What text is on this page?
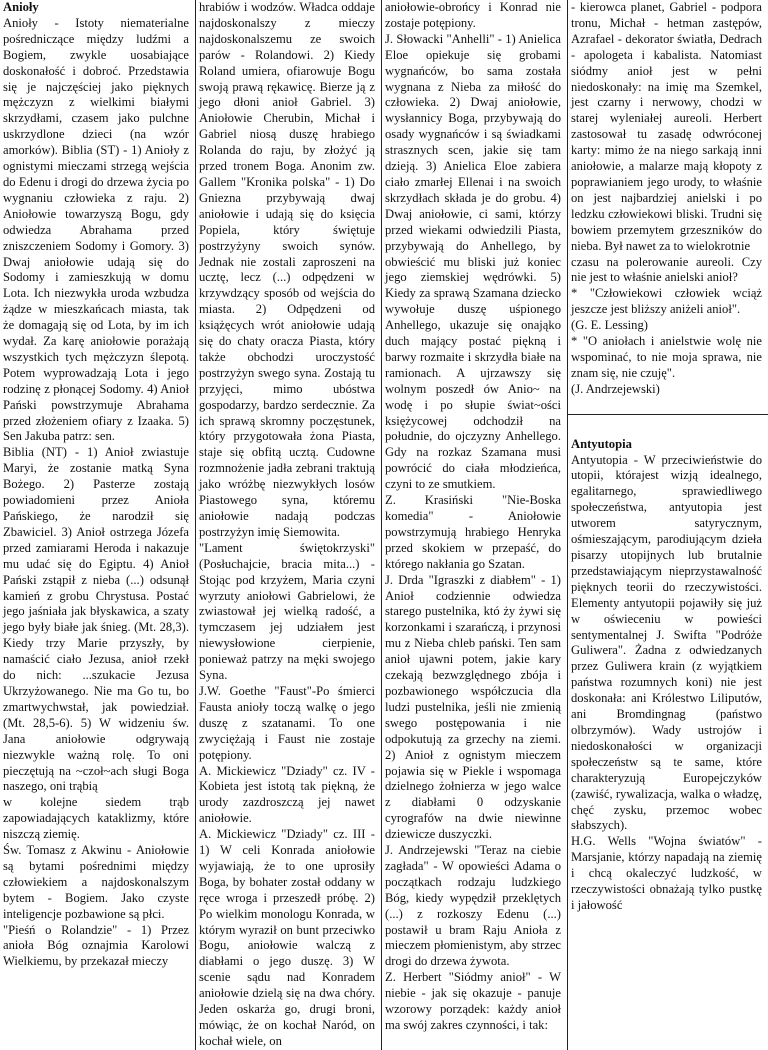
Anioły

Anioły - Istoty niematerialne pośredniczące między ludźmi a Bogiem, zwykle uosabiające doskonałość i dobroć. Przedstawia się je najczęściej jako pięknych mężczyzn z wielkimi białymi skrzydłami, czasem jako pulchne uskrzydlone dzieci (na wzór amorków). Biblia (ST) - 1) Anioły z ognistymi mieczami strzegą wejścia do Edenu i drogi do drzewa życia po wygnaniu człowieka z raju. 2) Aniołowie towarzyszą Bogu, gdy odwiedza Abrahama przed zniszczeniem Sodomy i Gomory. 3) Dwaj aniołowie udają się do Sodomy i zamieszkują w domu Lota. Ich niezwykła uroda wzbudza żądze w mieszkańcach miasta, tak że domagają się od Lota, by im ich wydał. Za karę aniołowie porażają wszystkich tych mężczyzn ślepotą. Potem wyprowadzają Lota i jego rodzinę z płonącej Sodomy. 4) Anioł Pański powstrzymuje Abrahama przed złożeniem ofiary z Izaaka. 5) Sen Jakuba patrz: sen.

Biblia (NT) - 1) Anioł zwiastuje Maryi, że zostanie matką Syna Bożego. 2) Pasterze zostają powiadomieni przez Anioła Pańskiego, że narodził się Zbawiciel. 3) Anioł ostrzega Józefa przed zamiarami Heroda i nakazuje mu udać się do Egiptu. 4) Anioł Pański zstąpił z nieba (...) odsunął kamień z grobu Chrystusa. Postać jego jaśniała jak błyskawica, a szaty jego były białe jak śnieg. (Mt. 28,3). Kiedy trzy Marie przyszły, by namaścić ciało Jezusa, anioł rzekł do nich: ...szukacie Jezusa Ukrzyżowanego. Nie ma Go tu, bo zmartwychwstał, jak powiedział. (Mt. 28,5-6). 5) W widzeniu św. Jana aniołowie odgrywają niezwykle ważną rolę. To oni pieczętują na ~czoł~ach sługi Boga naszego, oni trąbią

w kolejne siedem trąb zapowiadających kataklizmy, które niszczą ziemię.

Św. Tomasz z Akwinu - Aniołowie są bytami pośrednimi między człowiekiem a najdoskonalszym bytem - Bogiem. Jako czyste inteligencje pozbawione są płci.

"Pieśń o Rolandzie" - 1) Przez anioła Bóg oznajmia Karolowi Wielkiemu, by przekazał mieczy

hrabiów i wodzów. Władca oddaje najdoskonalszy z mieczy najdoskonalszemu ze swoich parów - Rolandowi. 2) Kiedy Roland umiera, ofiarowuje Bogu swoją prawą rękawicę. Bierze ją z jego dłoni anioł Gabriel. 3) Aniołowie Cherubin, Michał i Gabriel niosą duszę hrabiego Rolanda do raju, by złożyć ją przed tronem Boga. Anonim zw. Gallem "Kronika polska" - 1) Do Gniezna przybywają dwaj aniołowie i udają się do księcia Popiela, który świętuje postrzyżyny swoich synów. Jednak nie zostali zaproszeni na ucztę, lecz (...) odpędzeni w krzywdzący sposób od wejścia do miasta. 2) Odpędzeni od książęcych wrót aniołowie udają się do chaty oracza Piasta, który także obchodzi uroczystość postrzyżyn swego syna. Zostają tu przyjęci, mimo ubóstwa gospodarzy, bardzo serdecznie. Za ich sprawą skromny poczęstunek, który przygotowała żona Piasta, staje się obfitą ucztą. Cudowne rozmnożenie jadła zebrani traktują jako wróżbę niezwykłych losów Piastowego syna, któremu aniołowie nadają podczas postrzyżyn imię Siemowita.

"Lament świętokrzyski" (Posłuchajcie, bracia mita...) - Stojąc pod krzyżem, Maria czyni wyrzuty aniołowi Gabrielowi, że zwiastował jej wielką radość, a tymczasem jej udziałem jest niewysłowione cierpienie, ponieważ patrzy na męki swojego Syna.

J.W. Goethe "Faust"-Po śmierci Fausta anioły toczą walkę o jego duszę z szatanami. To one zwyciężają i Faust nie zostaje potępiony.

A. Mickiewicz "Dziady" cz. IV - Kobieta jest istotą tak piękną, że urody zazdroszczą jej nawet aniołowie.

A. Mickiewicz "Dziady" cz. III - 1) W celi Konrada aniołowie wyjawiają, że to one uprosiły Boga, by bohater został oddany w ręce wroga i przeszedł próbę. 2) Po wielkim monologu Konrada, w którym wyraził on bunt przeciwko Bogu, aniołowie walczą z diabłami o jego duszę. 3) W scenie sądu nad Konradem aniołowie dzielą się na dwa chóry. Jeden oskarża go, drugi broni, mówiąc, że on kochał Naród, on kochał wiele, on

aniołowie-obrońcy i Konrad nie zostaje potępiony.

J. Słowacki "Anhelli" - 1) Anielica Eloe opiekuje się grobami wygnańców, bo sama została wygnana z Nieba za miłość do człowieka. 2) Dwaj aniołowie, wysłannicy Boga, przybywają do osady wygnańców i są świadkami strasznych scen, jakie się tam dzieją. 3) Anielica Eloe zabiera ciało zmarłej Ellenai i na swoich skrzydłach składa je do grobu. 4) Dwaj aniołowie, ci sami, którzy przed wiekami odwiedzili Piasta, przybywają do Anhellego, by obwieścić mu bliski już koniec jego ziemskiej wędrówki. 5) Kiedy za sprawą Szamana dziecko wywołuje duszę uśpionego Anhellego, ukazuje się onająko duch mający postać piękną i barwy rozmaite i skrzydła białe na ramionach. A ujrzawszy się wolnym poszedł ów Anio~ na wodę i po słupie świat~ości księżycowej odchodził na południe, do ojczyzny Anhellego. Gdy na rozkaz Szamana musi powrócić do ciała młodzieńca, czyni to ze smutkiem.

Z. Krasiński "Nie-Boska komedia" - Aniołowie powstrzymują hrabiego Henryka przed skokiem w przepaść, do którego nakłania go Szatan.

J. Drda "Igraszki z diabłem" - 1) Anioł codziennie odwiedza starego pustelnika, któ ży żywi się korzonkami i szarańczą, i przynosi mu z Nieba chleb pański. Ten sam anioł ujawni potem, jakie kary czekają bezwzględnego zbója i pozbawionego współczucia dla ludzi pustelnika, jeśli nie zmienią swego postępowania i nie odpokutują za grzechy na ziemi. 2) Anioł z ognistym mieczem pojawia się w Piekle i wspomaga dzielnego żołnierza w jego walce z diabłami 0 odzyskanie cyrografów na dwie niewinne dziewicze duszyczki.

J. Andrzejewski "Teraz na ciebie zagłada" - W opowieści Adama o początkach rodzaju ludzkiego Bóg, kiedy wypędził przeklętych (...) z rozkoszy Edenu (...) postawił u bram Raju Anioła z mieczem płomienistym, aby strzec drogi do drzewa żywota.

Z. Herbert "Siódmy anioł" - W niebie - jak się okazuje - panuje wzorowy porządek: każdy anioł ma swój zakres czynności, i tak:

- kierowca planet, Gabriel - podpora tronu, Michał - hetman zastępów, Azrafael - dekorator światła, Dedrach - apologeta i kabalista. Natomiast siódmy anioł jest w pełni niedoskonały: na imię ma Szemkel, jest czarny i nerwowy, chodzi w starej wyleniałej aureoli. Herbert zastosował tu zasadę odwróconej karty: mimo że na niego sarkają inni aniołowie, a malarze mają kłopoty z poprawianiem jego urody, to właśnie on jest najbardziej anielski i po ledzku człowiekowi bliski. Trudni się bowiem przemytem grzeszników do nieba. Był nawet za to wielokrotnie

czasu na polerowanie aureoli. Czy nie jest to właśnie anielski anioł?

* "Człowiekowi człowiek wciąż jeszcze jest bliższy aniżeli anioł".

(G. E. Lessing)

* "O aniołach i anielstwie wolę nie wspominać, to nie moja sprawa, nie znam się, nie czuję".

(J. Andrzejewski)

Antyutopia

Antyutopia - W przeciwieństwie do utopii, którajest wizją idealnego, egalitarnego, sprawiedliwego społeczeństwa, antyutopia jest utworem satyrycznym, ośmieszającym, parodiującym dzieła pisarzy utopijnych lub brutalnie przedstawiającym nieprzystawalność pięknych teorii do rzeczywistości. Elementy antyutopii pojawiły się już w oświeceniu w powieści sentymentalnej J. Swifta "Podróże Guliwera". Żadna z odwiedzanych przez Guliwera krain (z wyjątkiem państwa rozumnych koni) nie jest doskonała: ani Królestwo Liliputów, ani Bromdingnag (państwo olbrzymów). Wady ustrojów i niedoskonałości w organizacji społeczeństw są te same, które charakteryzują Europejczyków (zawiść, rywalizacja, walka o władzę, chęć zysku, przemoc wobec słabszych).

H.G. Wells "Wojna światów" - Marsjanie, którzy napadają na ziemię i chcą okaleczyć ludzkość, w rzeczywistości obnażają tylko pustkę i jałowość
